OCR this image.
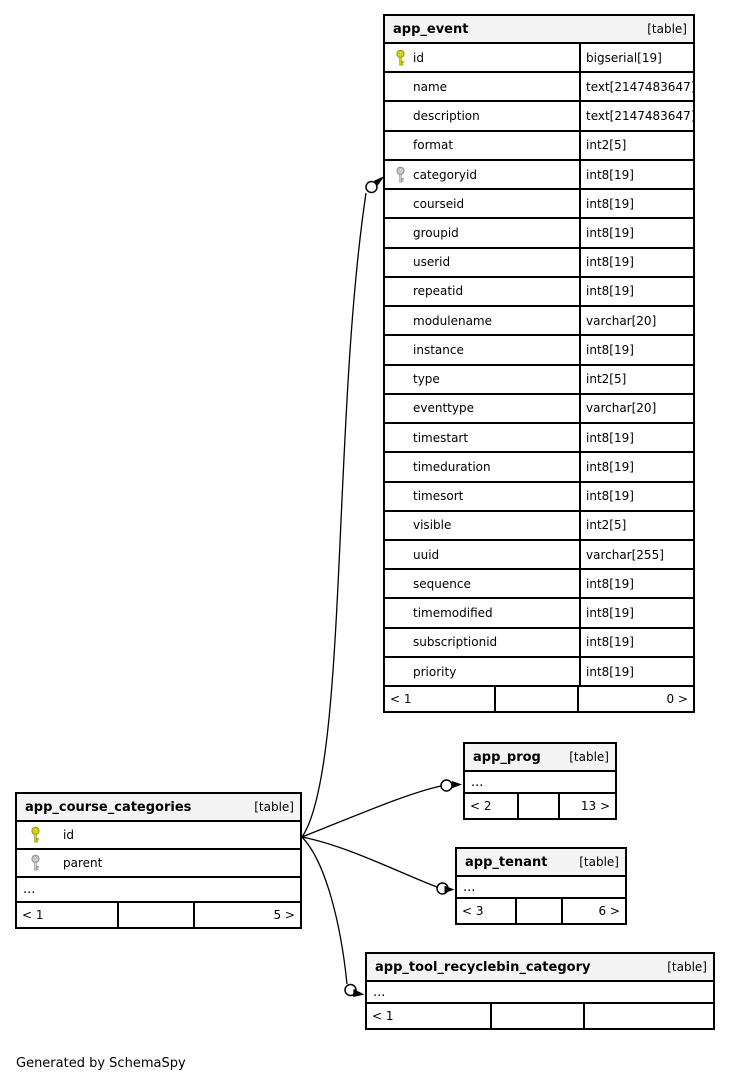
app_event	[table]
id	bigserial[19]
name	text[2147483647]
description	text[2147483647]
format	int2[5]
categoryid	int8[19]
courseid	int8[19]
groupid	int8[19]
userid	int8[19]
repeatid	int8[19]
modulename	varchar[20]
instance	int8[19]
type	int2[5]
eventtype	varchar[20]
timestart	int8[19]
timeduration	int8[19]
timesort	int8[19]
visible	int2[5]
uuid	varchar[255]
sequence	int8[19]
timemodified	int8[19]
subscriptionid	int8[19]
priority	int8[19]
< 1	0 >
app_course_categories	[table]
id
parent
...
< 1	5 >
app_prog [table]
...
< 2	13 >
app_tenant	[table]
...
< 3	6 >
app_tool_recyclebin_category	[table]
...
< 1
Generated by SchemaSpy
